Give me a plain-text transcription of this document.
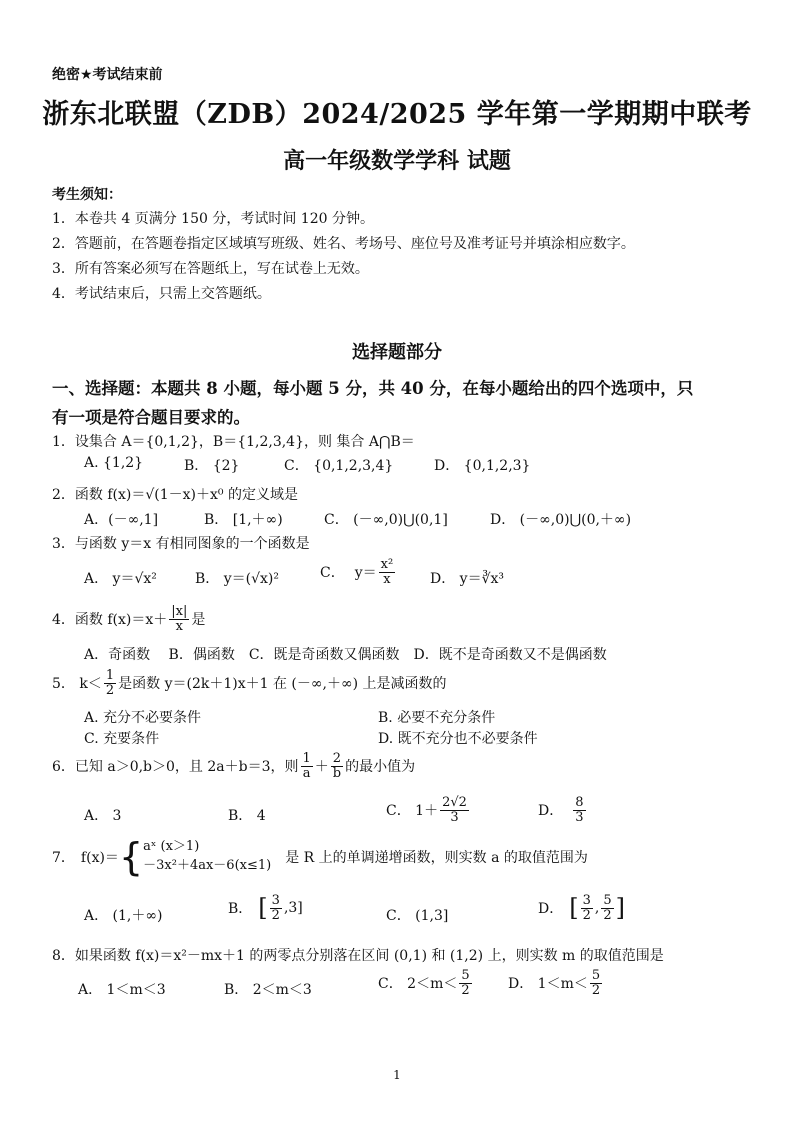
绝密★考试结束前
浙东北联盟（ZDB）2024/2025 学年第一学期期中联考
高一年级数学学科 试题
考生须知：
1．本卷共 4 页满分 150 分，考试时间 120 分钟。
2．答题前，在答题卷指定区域填写班级、姓名、考场号、座位号及准考证号并填涂相应数字。
3．所有答案必须写在答题纸上，写在试卷上无效。
4．考试结束后，只需上交答题纸。
选择题部分
一、选择题：本题共 8 小题，每小题 5 分，共 40 分，在每小题给出的四个选项中，只
有一项是符合题目要求的。
1．设集合 A＝{0,1,2}，B＝{1,2,3,4}，则 集合 A⋂B＝
A. {1,2}	B． {2}	C． {0,1,2,3,4}	D． {0,1,2,3}
2．函数 f(x)＝√(1－x)＋x⁰ 的定义域是
A．(－∞,1]	B． [1,＋∞)	C． (－∞,0)⋃(0,1]	D． (－∞,0)⋃(0,＋∞)
3．与函数 y＝x 有相同图象的一个函数是
A． y＝√x²	B． y＝(√x)²	C． $y= \frac{\text{x²}}{x}$ D． y＝∛x³
4．函数 $f(x)=x+ \frac{|x|}{x}$ 是
A．奇函数　 B．偶函数　C．既是奇函数又偶函数　D．既不是奇函数又不是偶函数
5． $k< \frac{1}{2}$ 是函数 y＝(2k＋1)x＋1 在 (－∞,＋∞) 上是减函数的
A. 充分不必要条件	B. 必要不充分条件
C. 充要条件	D. 既不充分也不必要条件
6．已知 a＞0,b＞0，且 2a＋b＝3，则 $\frac{1}{a} + \frac{2}{b}$ 的最小值为
A． 3	B． 4	C． $1+ \frac{2√2}{3}$	D． $\frac{8}{3}$
7． f(x)＝ { aˣ (x＞1)
－3x²＋4ax－6(x≤1) 是 R 上的单调递增函数，则实数 a 的取值范围为
A． (1,＋∞)	B． [ $\frac{3}{2} ,3$]	C． (1,3]	D． [ $\frac{3}{2}$ , $\frac{5}{2}$ ]
8．如果函数 f(x)＝x²－mx＋1 的两零点分别落在区间 (0,1) 和 (1,2) 上，则实数 m 的取值范围是
A． 1＜m＜3	B． 2＜m＜3	C． $2<m< \frac{5}{2}$	D． $1<m< \frac{5}{2}$
1
